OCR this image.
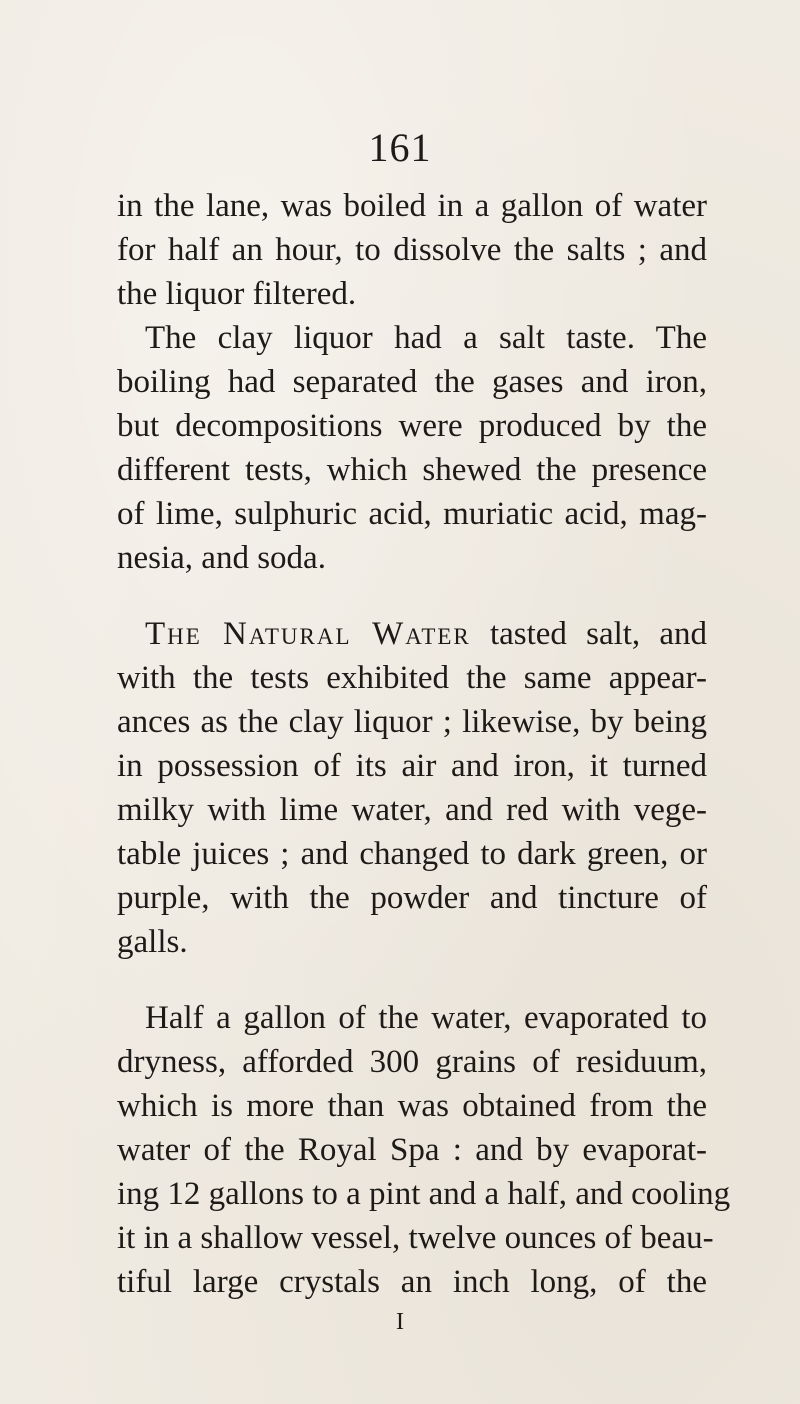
161
in the lane, was boiled in a gallon of water
for half an hour, to dissolve the salts ; and
the liquor filtered.
The clay liquor had a salt taste. The
boiling had separated the gases and iron,
but decompositions were produced by the
different tests, which shewed the presence
of lime, sulphuric acid, muriatic acid, mag-
nesia, and soda.
The Natural Water tasted salt, and
with the tests exhibited the same appear-
ances as the clay liquor ; likewise, by being
in possession of its air and iron, it turned
milky with lime water, and red with vege-
table juices ; and changed to dark green, or
purple, with the powder and tincture of
galls.
Half a gallon of the water, evaporated to
dryness, afforded 300 grains of residuum,
which is more than was obtained from the
water of the Royal Spa : and by evaporat-
ing 12 gallons to a pint and a half, and cooling
it in a shallow vessel, twelve ounces of beau-
tiful large crystals an inch long, of the
I
